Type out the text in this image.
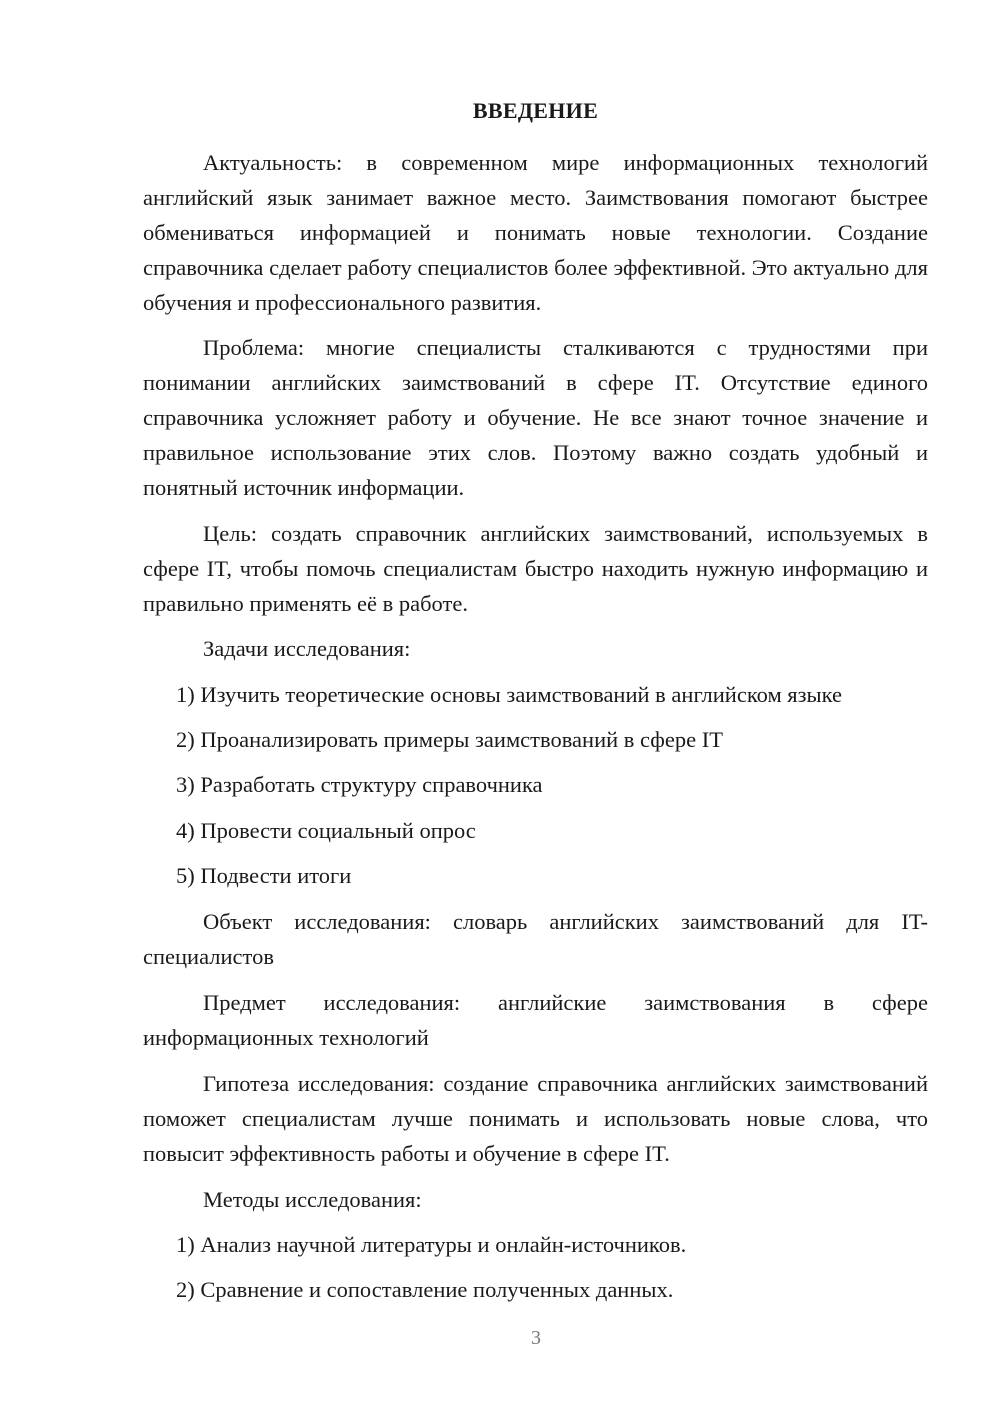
ВВЕДЕНИЕ

Актуальность: в современном мире информационных технологий английский язык занимает важное место. Заимствования помогают быстрее обмениваться информацией и понимать новые технологии. Создание справочника сделает работу специалистов более эффективной. Это актуально для обучения и профессионального развития.

Проблема: многие специалисты сталкиваются с трудностями при понимании английских заимствований в сфере IT. Отсутствие единого справочника усложняет работу и обучение. Не все знают точное значение и правильное использование этих слов. Поэтому важно создать удобный и понятный источник информации.

Цель: создать справочник английских заимствований, используемых в сфере IT, чтобы помочь специалистам быстро находить нужную информацию и правильно применять её в работе.

Задачи исследования:

1) Изучить теоретические основы заимствований в английском языке

2) Проанализировать примеры заимствований в сфере IT

3) Разработать структуру справочника

4) Провести социальный опрос

5) Подвести итоги

Объект исследования: словарь английских заимствований для IT-специалистов

Предмет исследования: английские заимствования в сфере информационных технологий

Гипотеза исследования: создание справочника английских заимствований поможет специалистам лучше понимать и использовать новые слова, что повысит эффективность работы и обучение в сфере IT.

Методы исследования:

1) Анализ научной литературы и онлайн-источников.

2) Сравнение и сопоставление полученных данных.

3
